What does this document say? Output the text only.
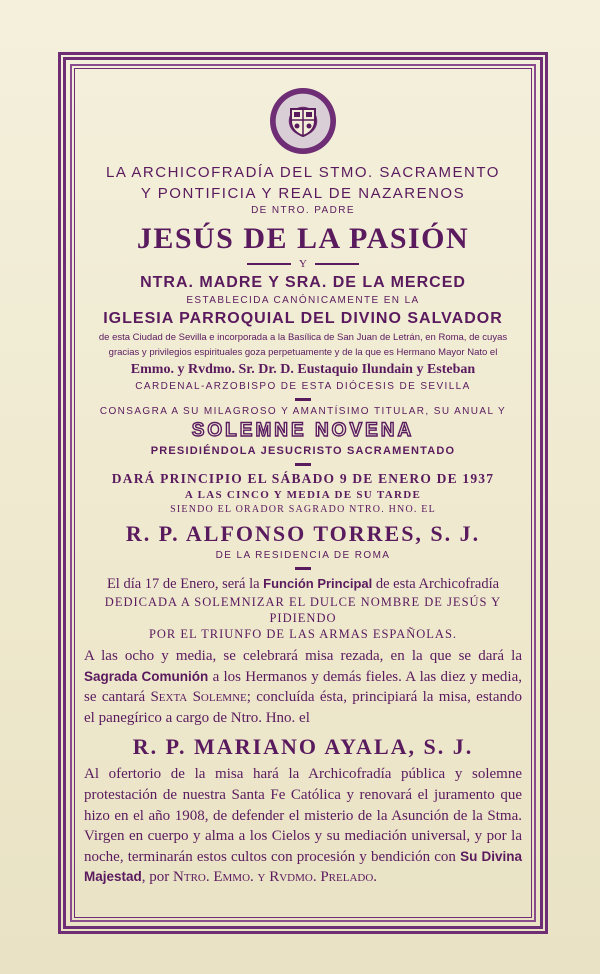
LA ARCHICOFRADÍA DEL STMO. SACRAMENTO
Y PONTIFICIA Y REAL DE NAZARENOS
DE NTRO. PADRE
JESÚS DE LA PASIÓN
Y
NTRA. MADRE Y SRA. DE LA MERCED
ESTABLECIDA CANÓNICAMENTE EN LA
IGLESIA PARROQUIAL DEL DIVINO SALVADOR
de esta Ciudad de Sevilla e incorporada a la Basílica de San Juan de Letrán, en Roma, de cuyas
gracias y privilegios espirituales goza perpetuamente y de la que es Hermano Mayor Nato el
Emmo. y Rvdmo. Sr. Dr. D. Eustaquio Ilundain y Esteban
CARDENAL-ARZOBISPO DE ESTA DIÓCESIS DE SEVILLA
CONSAGRA A SU MILAGROSO Y AMANTÍSIMO TITULAR, SU ANUAL Y
SOLEMNE NOVENA
PRESIDIÉNDOLA JESUCRISTO SACRAMENTADO
DARÁ PRINCIPIO EL SÁBADO 9 DE ENERO DE 1937
A LAS CINCO Y MEDIA DE SU TARDE
SIENDO EL ORADOR SAGRADO NTRO. HNO. EL
R. P. ALFONSO TORRES, S. J.
DE LA RESIDENCIA DE ROMA
El día 17 de Enero, será la Función Principal de esta Archicofradía
DEDICADA A SOLEMNIZAR EL DULCE NOMBRE DE JESÚS Y PIDIENDO
POR EL TRIUNFO DE LAS ARMAS ESPAÑOLAS.
A las ocho y media, se celebrará misa rezada, en la que se dará la Sagrada Comunión a los Hermanos y demás fieles. A las diez y media, se cantará Sexta Solemne; concluída ésta, principiará la misa, estando el panegírico a cargo de Ntro. Hno. el
R. P. MARIANO AYALA, S. J.
Al ofertorio de la misa hará la Archicofradía pública y solemne protestación de nuestra Santa Fe Católica y renovará el juramento que hizo en el año 1908, de defender el misterio de la Asunción de la Stma. Virgen en cuerpo y alma a los Cielos y su mediación universal, y por la noche, terminarán estos cultos con procesión y bendición con Su Divina Majestad, por Ntro. Emmo. y Rvdmo. Prelado.
